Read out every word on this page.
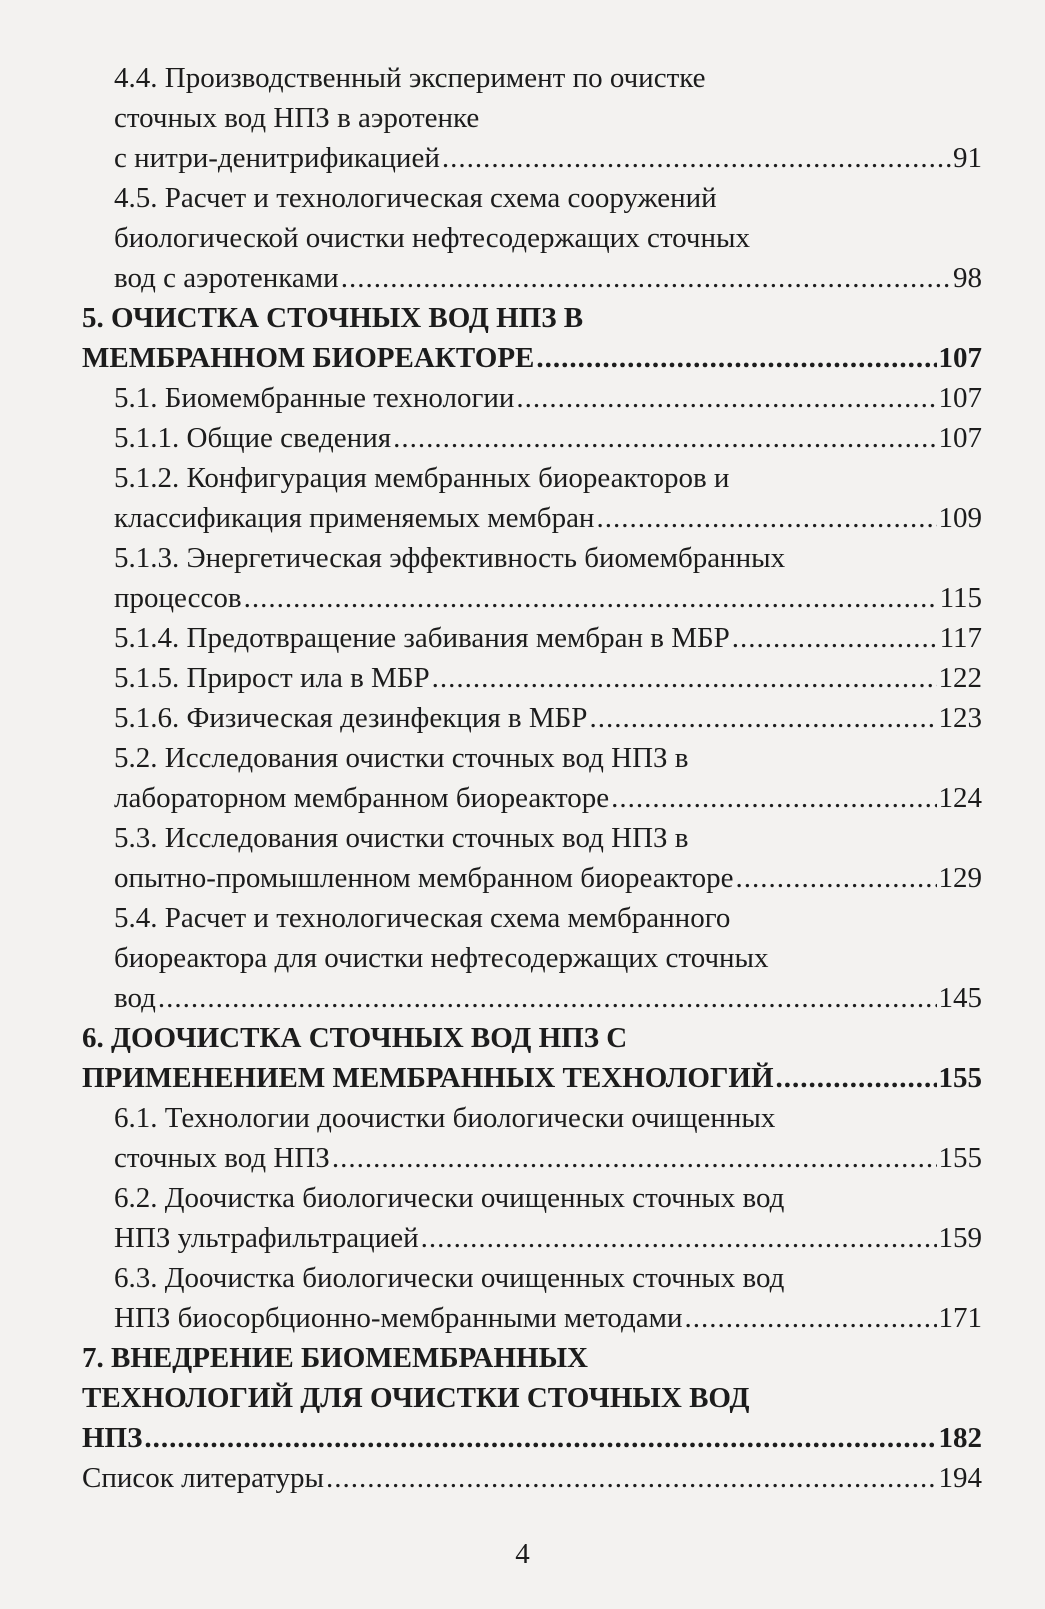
4.4. Производственный эксперимент по очистке
сточных вод НПЗ в аэротенке
с нитри-денитрификацией .....	91
4.5. Расчет и технологическая схема сооружений
биологической очистки нефтесодержащих сточных
вод с аэротенками .....	98
5. ОЧИСТКА СТОЧНЫХ ВОД НПЗ В
МЕМБРАННОМ БИОРЕАКТОРЕ .....	107
5.1. Биомембранные технологии .....	107
5.1.1. Общие сведения .....	107
5.1.2. Конфигурация мембранных биореакторов и
классификация применяемых мембран .....	109
5.1.3. Энергетическая эффективность биомембранных
процессов .....	115
5.1.4. Предотвращение забивания мембран в МБР .....	117
5.1.5. Прирост ила в МБР .....	122
5.1.6. Физическая дезинфекция в МБР .....	123
5.2. Исследования очистки сточных вод НПЗ в
лабораторном мембранном биореакторе .....	124
5.3. Исследования очистки сточных вод НПЗ в
опытно-промышленном мембранном биореакторе .....	129
5.4. Расчет и технологическая схема мембранного
биореактора для очистки нефтесодержащих сточных
вод .....	145
6. ДООЧИСТКА СТОЧНЫХ ВОД НПЗ С
ПРИМЕНЕНИЕМ МЕМБРАННЫХ ТЕХНОЛОГИЙ .....	155
6.1. Технологии доочистки биологически очищенных
сточных вод НПЗ .....	155
6.2. Доочистка биологически очищенных сточных вод
НПЗ ультрафильтрацией .....	159
6.3. Доочистка биологически очищенных сточных вод
НПЗ биосорбционно-мембранными методами .....	171
7. ВНЕДРЕНИЕ БИОМЕМБРАННЫХ
ТЕХНОЛОГИЙ ДЛЯ ОЧИСТКИ СТОЧНЫХ ВОД
НПЗ .....	182
Список литературы .....	194
4
